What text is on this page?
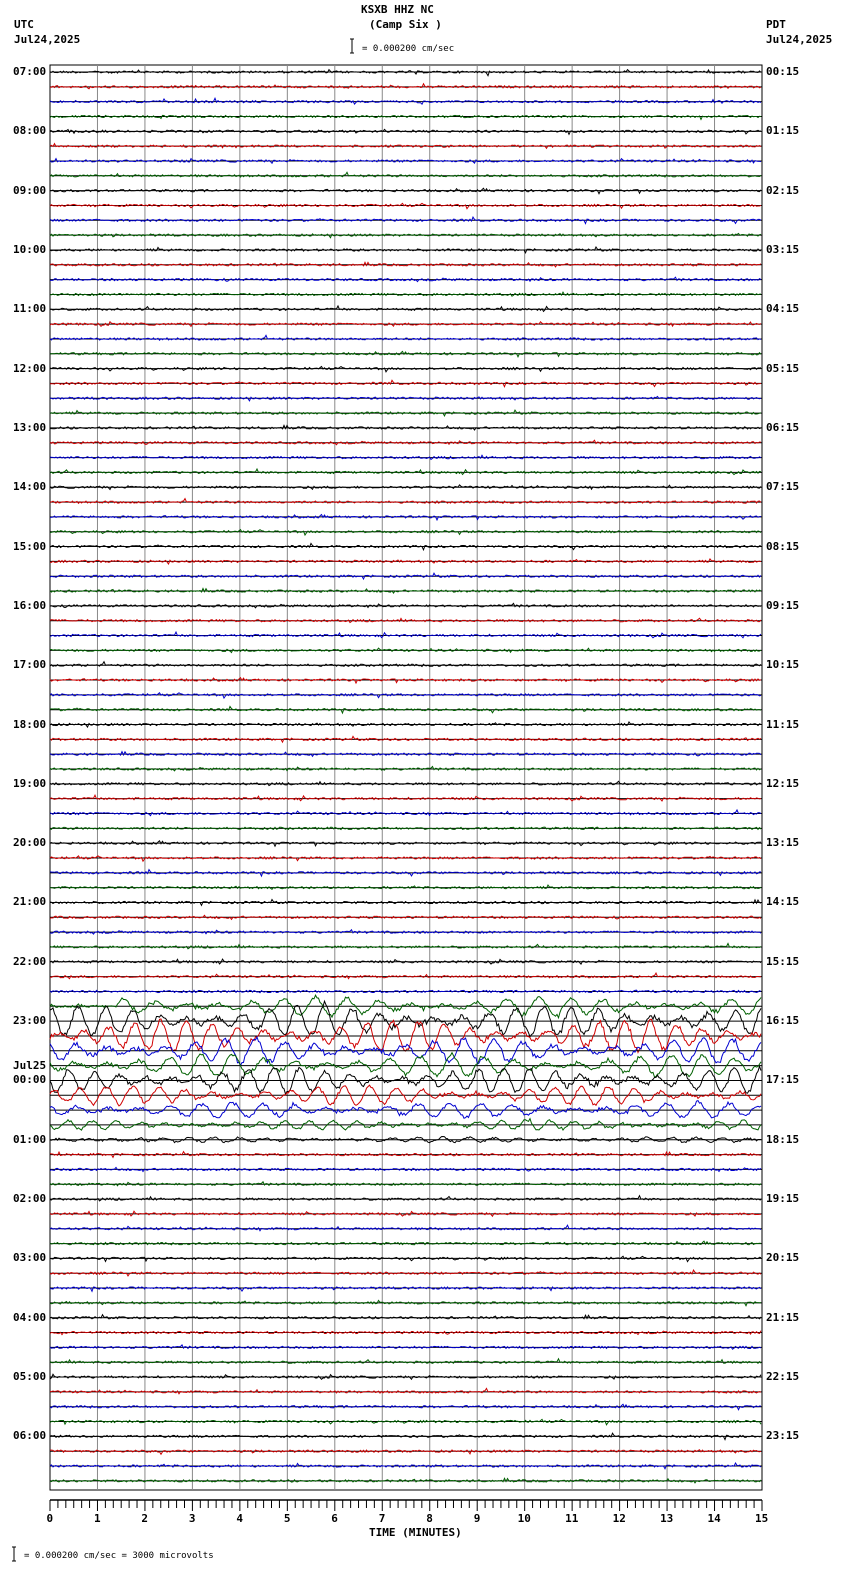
KSXB HHZ NC
(Camp Six )
UTC
Jul24,2025
PDT
Jul24,2025
= 0.000200 cm/sec
TIME (MINUTES)
= 0.000200 cm/sec = 3000 microvolts
0	1	2	3	4	5	6	7	8	9	10	11	12	13	14	15
07:00
08:00
09:00
10:00
11:00
12:00
13:00
14:00
15:00
16:00
17:00
18:00
19:00
20:00
21:00
22:00
23:00
00:00
01:00
02:00
03:00
04:00
05:00
06:00
00:15
01:15
02:15
03:15
04:15
05:15
06:15
07:15
08:15
09:15
10:15
11:15
12:15
13:15
14:15
15:15
16:15
17:15
18:15
19:15
20:15
21:15
22:15
23:15
Jul25
